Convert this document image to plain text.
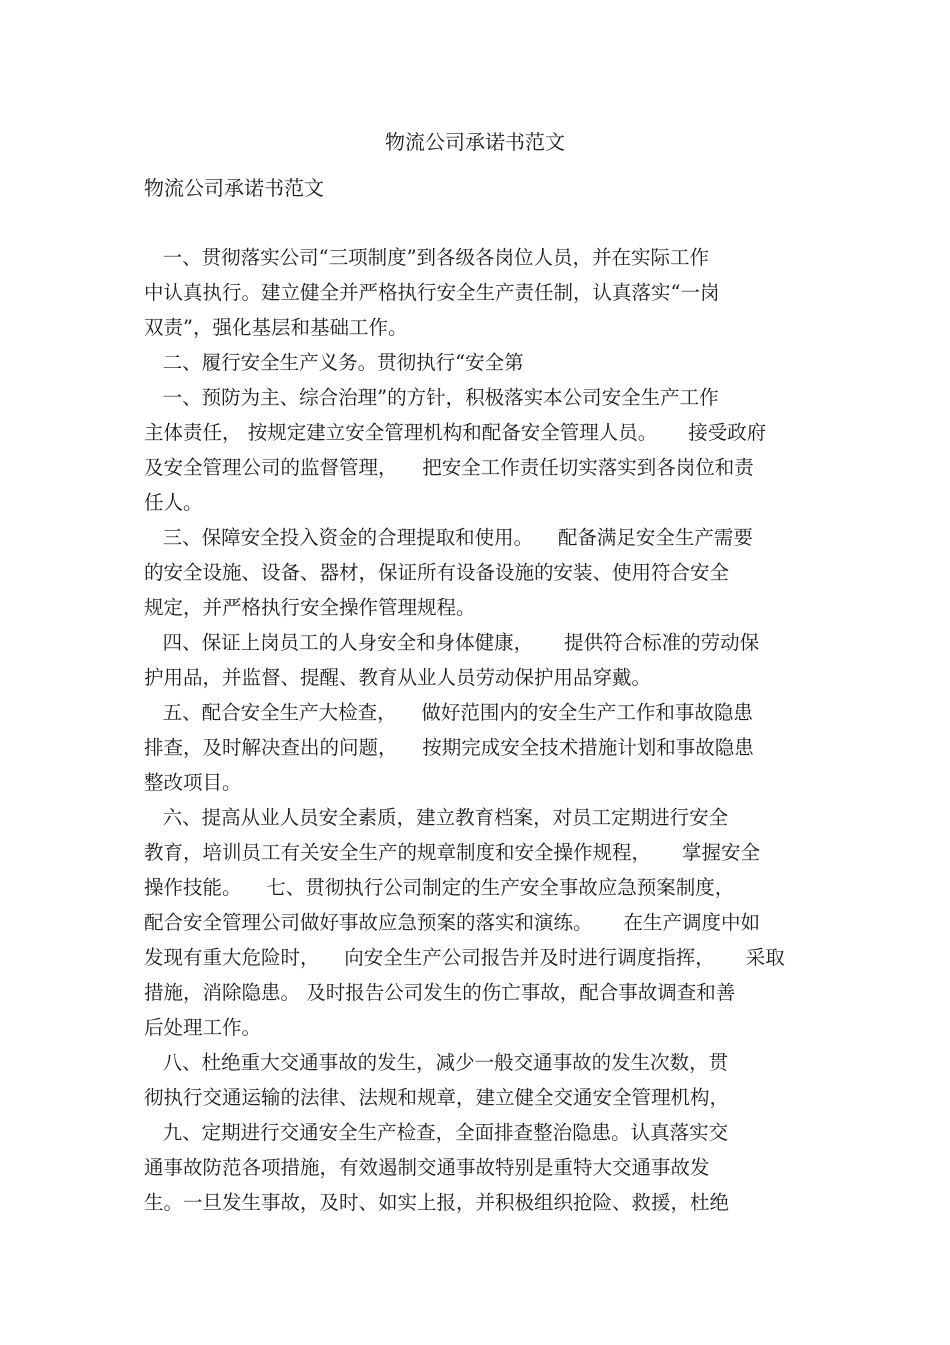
物流公司承诺书范文
物流公司承诺书范文
一、贯彻落实公司“三项制度”到各级各岗位人员，并在实际工作
中认真执行。建立健全并严格执行安全生产责任制，认真落实“一岗
双责”，强化基层和基础工作。
二、履行安全生产义务。贯彻执行“安全第
一、预防为主、综合治理”的方针，积极落实本公司安全生产工作
主体责任， 按规定建立安全管理机构和配备安全管理人员。     接受政府
及安全管理公司的监督管理，    把安全工作责任切实落实到各岗位和责
任人。
三、保障安全投入资金的合理提取和使用。    配备满足安全生产需要
的安全设施、设备、器材，保证所有设备设施的安装、使用符合安全
规定，并严格执行安全操作管理规程。
四、保证上岗员工的人身安全和身体健康，     提供符合标准的劳动保
护用品，并监督、提醒、教育从业人员劳动保护用品穿戴。
五、配合安全生产大检查，    做好范围内的安全生产工作和事故隐患
排查，及时解决查出的问题，    按期完成安全技术措施计划和事故隐患
整改项目。
六、提高从业人员安全素质，建立教育档案，对员工定期进行安全
教育，培训员工有关安全生产的规章制度和安全操作规程，     掌握安全
操作技能。    七、贯彻执行公司制定的生产安全事故应急预案制度，
配合安全管理公司做好事故应急预案的落实和演练。     在生产调度中如
发现有重大危险时，    向安全生产公司报告并及时进行调度指挥，     采取
措施，消除隐患。 及时报告公司发生的伤亡事故，配合事故调查和善
后处理工作。
八、杜绝重大交通事故的发生，减少一般交通事故的发生次数，贯
彻执行交通运输的法律、法规和规章，建立健全交通安全管理机构，
九、定期进行交通安全生产检查，全面排查整治隐患。认真落实交
通事故防范各项措施，有效遏制交通事故特别是重特大交通事故发
生。一旦发生事故，及时、如实上报，并积极组织抢险、救援，杜绝
